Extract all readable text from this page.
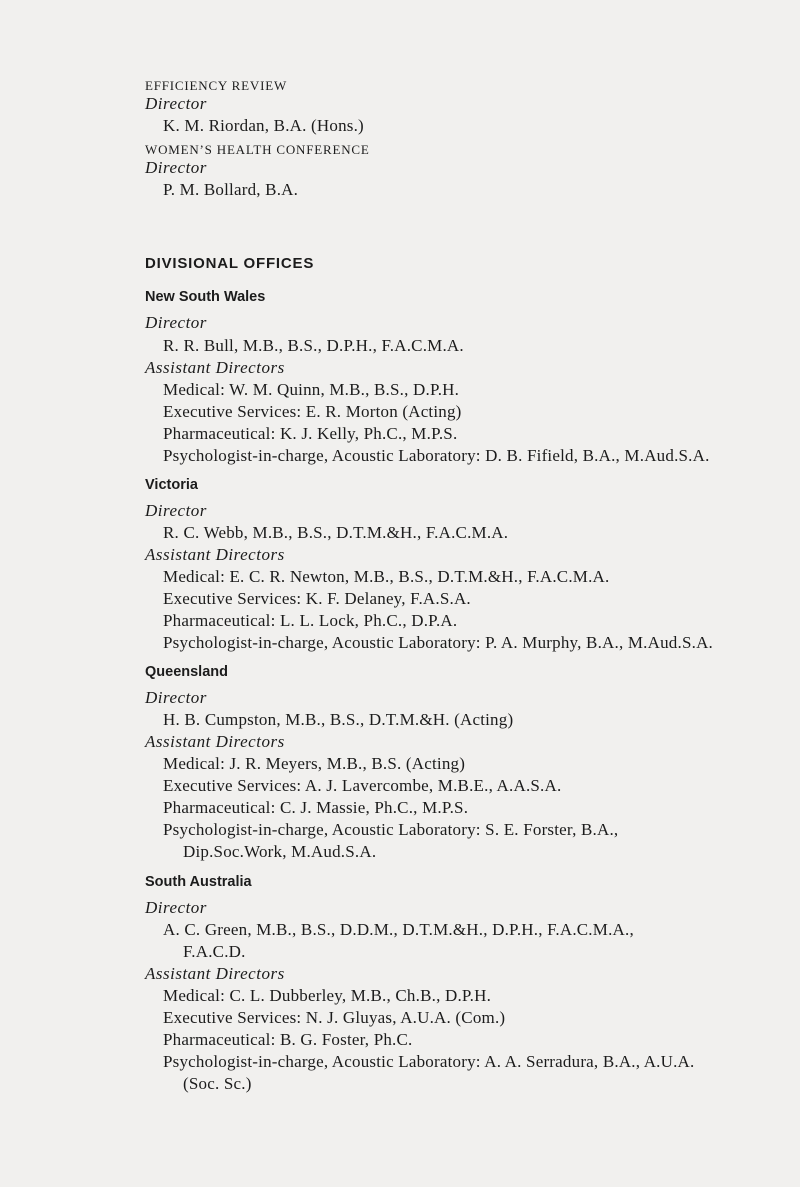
EFFICIENCY REVIEW
Director
K. M. Riordan, B.A. (Hons.)
WOMEN’S HEALTH CONFERENCE
Director
P. M. Bollard, B.A.
DIVISIONAL OFFICES
New South Wales
Director
R. R. Bull, M.B., B.S., D.P.H., F.A.C.M.A.
Assistant Directors
Medical: W. M. Quinn, M.B., B.S., D.P.H.
Executive Services: E. R. Morton (Acting)
Pharmaceutical: K. J. Kelly, Ph.C., M.P.S.
Psychologist-in-charge, Acoustic Laboratory: D. B. Fifield, B.A., M.Aud.S.A.
Victoria
Director
R. C. Webb, M.B., B.S., D.T.M.&H., F.A.C.M.A.
Assistant Directors
Medical: E. C. R. Newton, M.B., B.S., D.T.M.&H., F.A.C.M.A.
Executive Services: K. F. Delaney, F.A.S.A.
Pharmaceutical: L. L. Lock, Ph.C., D.P.A.
Psychologist-in-charge, Acoustic Laboratory: P. A. Murphy, B.A., M.Aud.S.A.
Queensland
Director
H. B. Cumpston, M.B., B.S., D.T.M.&H. (Acting)
Assistant Directors
Medical: J. R. Meyers, M.B., B.S. (Acting)
Executive Services: A. J. Lavercombe, M.B.E., A.A.S.A.
Pharmaceutical: C. J. Massie, Ph.C., M.P.S.
Psychologist-in-charge, Acoustic Laboratory: S. E. Forster, B.A.,
Dip.Soc.Work, M.Aud.S.A.
South Australia
Director
A. C. Green, M.B., B.S., D.D.M., D.T.M.&H., D.P.H., F.A.C.M.A.,
F.A.C.D.
Assistant Directors
Medical: C. L. Dubberley, M.B., Ch.B., D.P.H.
Executive Services: N. J. Gluyas, A.U.A. (Com.)
Pharmaceutical: B. G. Foster, Ph.C.
Psychologist-in-charge, Acoustic Laboratory: A. A. Serradura, B.A., A.U.A.
(Soc. Sc.)
